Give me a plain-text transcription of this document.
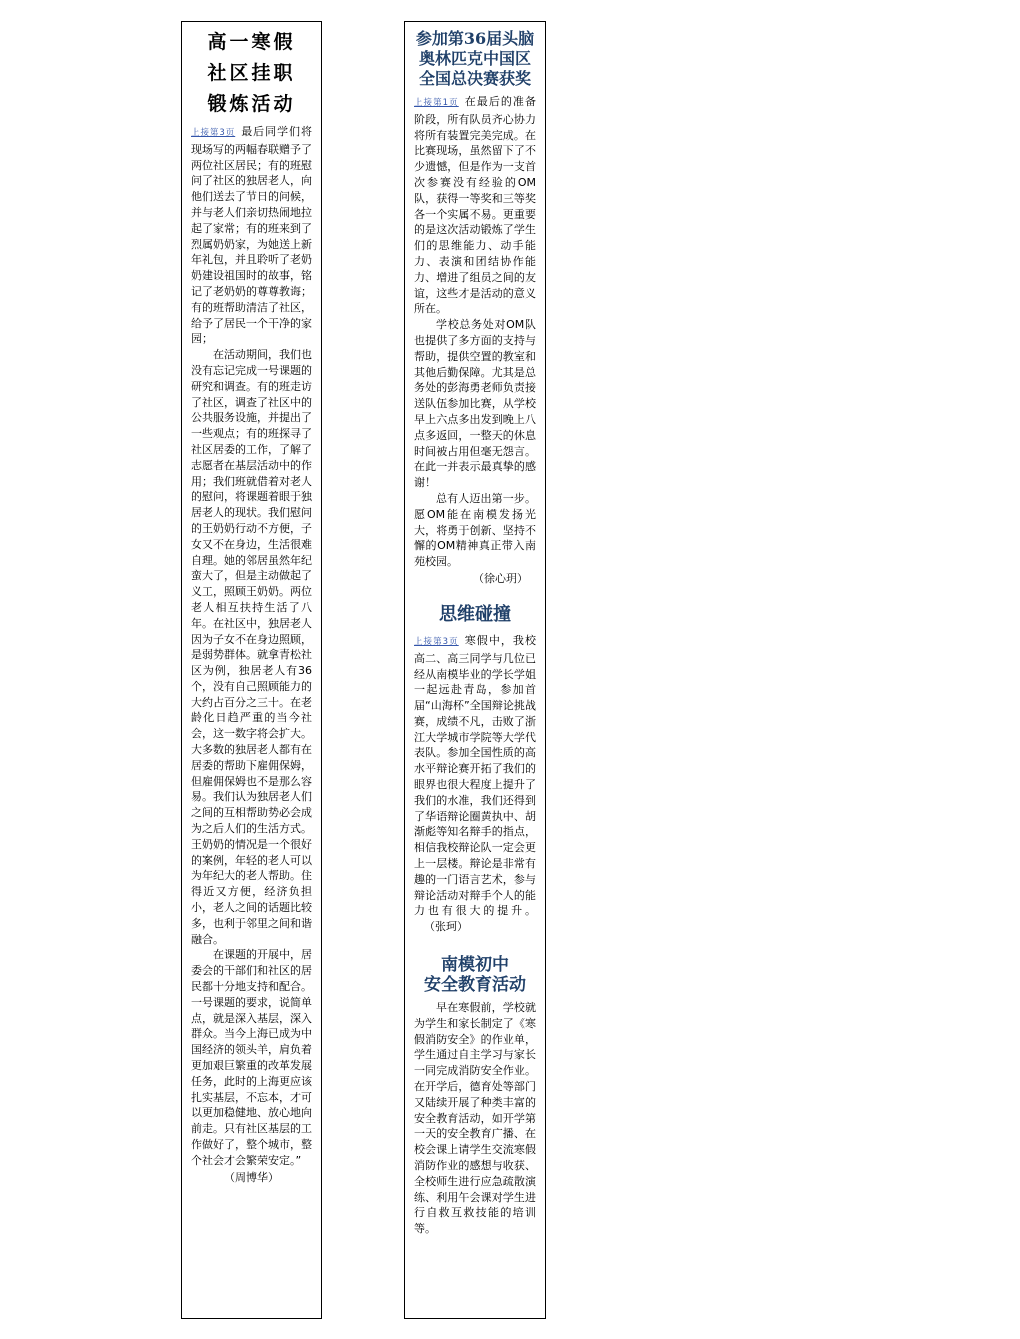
高一寒假
社区挂职
锻炼活动

上接第3页 最后同学们将现场写的两幅春联赠予了两位社区居民；有的班慰问了社区的独居老人，向他们送去了节日的问候，并与老人们亲切热闹地拉起了家常；有的班来到了烈属奶奶家，为她送上新年礼包，并且聆听了老奶奶建设祖国时的故事，铭记了老奶奶的尊尊教诲；有的班帮助清洁了社区，给予了居民一个干净的家园；

在活动期间，我们也没有忘记完成一号课题的研究和调查。有的班走访了社区，调查了社区中的公共服务设施，并提出了一些观点；有的班探寻了社区居委的工作，了解了志愿者在基层活动中的作用；我们班就借着对老人的慰问，将课题着眼于独居老人的现状。我们慰问的王奶奶行动不方便，子女又不在身边，生活很难自理。她的邻居虽然年纪蛮大了，但是主动做起了义工，照顾王奶奶。两位老人相互扶持生活了八年。在社区中，独居老人因为子女不在身边照顾，是弱势群体。就拿青松社区为例，独居老人有36个，没有自己照顾能力的大约占百分之三十。在老龄化日趋严重的当今社会，这一数字将会扩大。大多数的独居老人都有在居委的帮助下雇佣保姆，但雇佣保姆也不是那么容易。我们认为独居老人们之间的互相帮助势必会成为之后人们的生活方式。王奶奶的情况是一个很好的案例，年轻的老人可以为年纪大的老人帮助。住得近又方便，经济负担小，老人之间的话题比较多，也利于邻里之间和谐融合。

在课题的开展中，居委会的干部们和社区的居民都十分地支持和配合。一号课题的要求，说简单点，就是深入基层，深入群众。当今上海已成为中国经济的领头羊，肩负着更加艰巨繁重的改革发展任务，此时的上海更应该扎实基层，不忘本，才可以更加稳健地、放心地向前走。只有社区基层的工作做好了，整个城市，整个社会才会繁荣安定。”

（周博华）
参加第36届头脑
奥林匹克中国区
全国总决赛获奖

上接第1页 在最后的准备阶段，所有队员齐心协力将所有装置完美完成。在比赛现场，虽然留下了不少遗憾，但是作为一支首次参赛没有经验的OM队，获得一等奖和三等奖各一个实属不易。更重要的是这次活动锻炼了学生们的思维能力、动手能力、表演和团结协作能力、增进了组员之间的友谊，这些才是活动的意义所在。

学校总务处对OM队也提供了多方面的支持与帮助，提供空置的教室和其他后勤保障。尤其是总务处的彭海勇老师负责接送队伍参加比赛，从学校早上六点多出发到晚上八点多返回，一整天的休息时间被占用但毫无怨言。在此一并表示最真挚的感谢！

总有人迈出第一步。愿OM能在南模发扬光大，将勇于创新、坚持不懈的OM精神真正带入南苑校园。

（徐心玥）
思维碰撞

上接第3页 寒假中，我校高二、高三同学与几位已经从南模毕业的学长学姐一起远赴青岛，参加首届“山海杯”全国辩论挑战赛，成绩不凡，击败了浙江大学城市学院等大学代表队。参加全国性质的高水平辩论赛开拓了我们的眼界也很大程度上提升了我们的水准，我们还得到了华语辩论圈黄执中、胡渐彪等知名辩手的指点，相信我校辩论队一定会更上一层楼。辩论是非常有趣的一门语言艺术，参与辩论活动对辩手个人的能力也有很大的提升。（张珂）

南模初中
安全教育活动

早在寒假前，学校就为学生和家长制定了《寒假消防安全》的作业单，学生通过自主学习与家长一同完成消防安全作业。在开学后，德育处等部门又陆续开展了种类丰富的安全教育活动，如开学第一天的安全教育广播、在校会课上请学生交流寒假消防作业的感想与收获、全校师生进行应急疏散演练、利用午会课对学生进行自救互救技能的培训等。
